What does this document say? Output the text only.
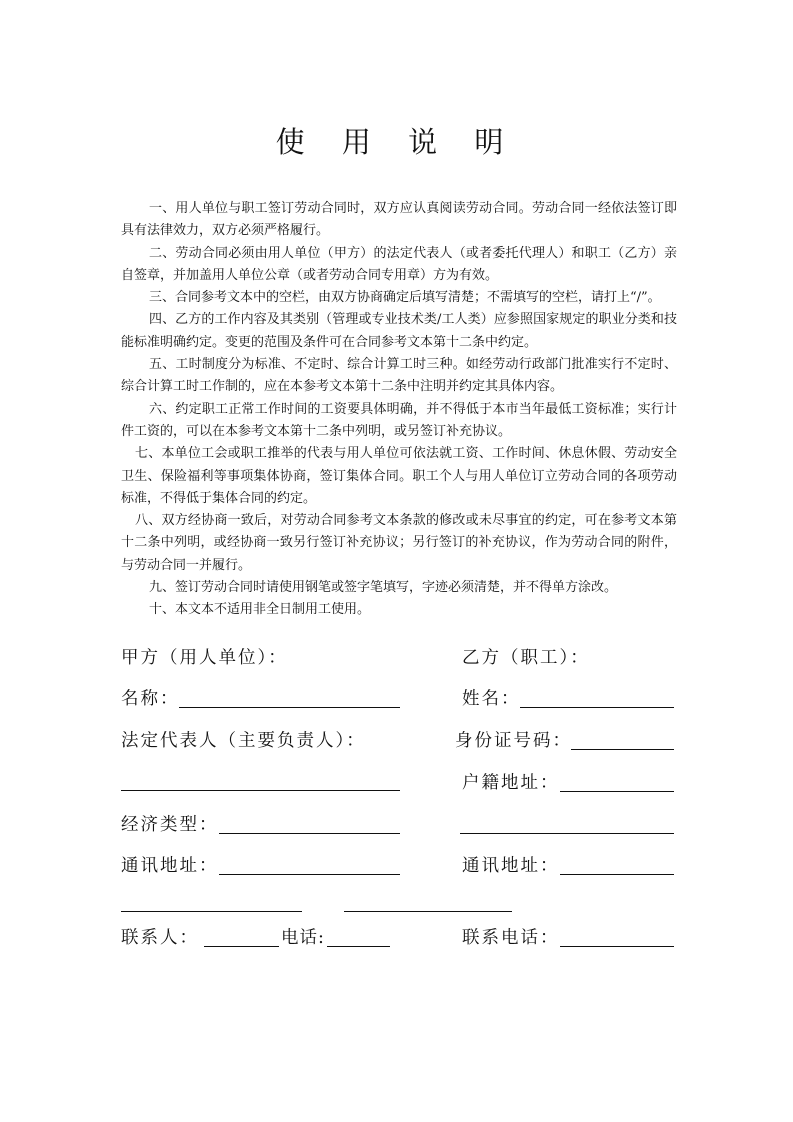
使 用 说 明

一、用人单位与职工签订劳动合同时，双方应认真阅读劳动合同。劳动合同一经依法签订即具有法律效力，双方必须严格履行。

二、劳动合同必须由用人单位（甲方）的法定代表人（或者委托代理人）和职工（乙方）亲自签章，并加盖用人单位公章（或者劳动合同专用章）方为有效。

三、合同参考文本中的空栏，由双方协商确定后填写清楚；不需填写的空栏，请打上“/”。

四、乙方的工作内容及其类别（管理或专业技术类/工人类）应参照国家规定的职业分类和技能标准明确约定。变更的范围及条件可在合同参考文本第十二条中约定。

五、工时制度分为标准、不定时、综合计算工时三种。如经劳动行政部门批准实行不定时、综合计算工时工作制的，应在本参考文本第十二条中注明并约定其具体内容。

六、约定职工正常工作时间的工资要具体明确，并不得低于本市当年最低工资标准；实行计件工资的，可以在本参考文本第十二条中列明，或另签订补充协议。

七、本单位工会或职工推举的代表与用人单位可依法就工资、工作时间、休息休假、劳动安全卫生、保险福利等事项集体协商，签订集体合同。职工个人与用人单位订立劳动合同的各项劳动标准，不得低于集体合同的约定。

八、双方经协商一致后，对劳动合同参考文本条款的修改或未尽事宜的约定，可在参考文本第十二条中列明，或经协商一致另行签订补充协议；另行签订的补充协议，作为劳动合同的附件，与劳动合同一并履行。

九、签订劳动合同时请使用钢笔或签字笔填写，字迹必须清楚，并不得单方涂改。

十、本文本不适用非全日制用工使用。

甲方（用人单位）：
名称：
法定代表人（主要负责人）：
经济类型：
通讯地址：
联系人：	电话:
乙方（职工）：
姓名：
身份证号码：
户籍地址：
通讯地址：
联系电话：
